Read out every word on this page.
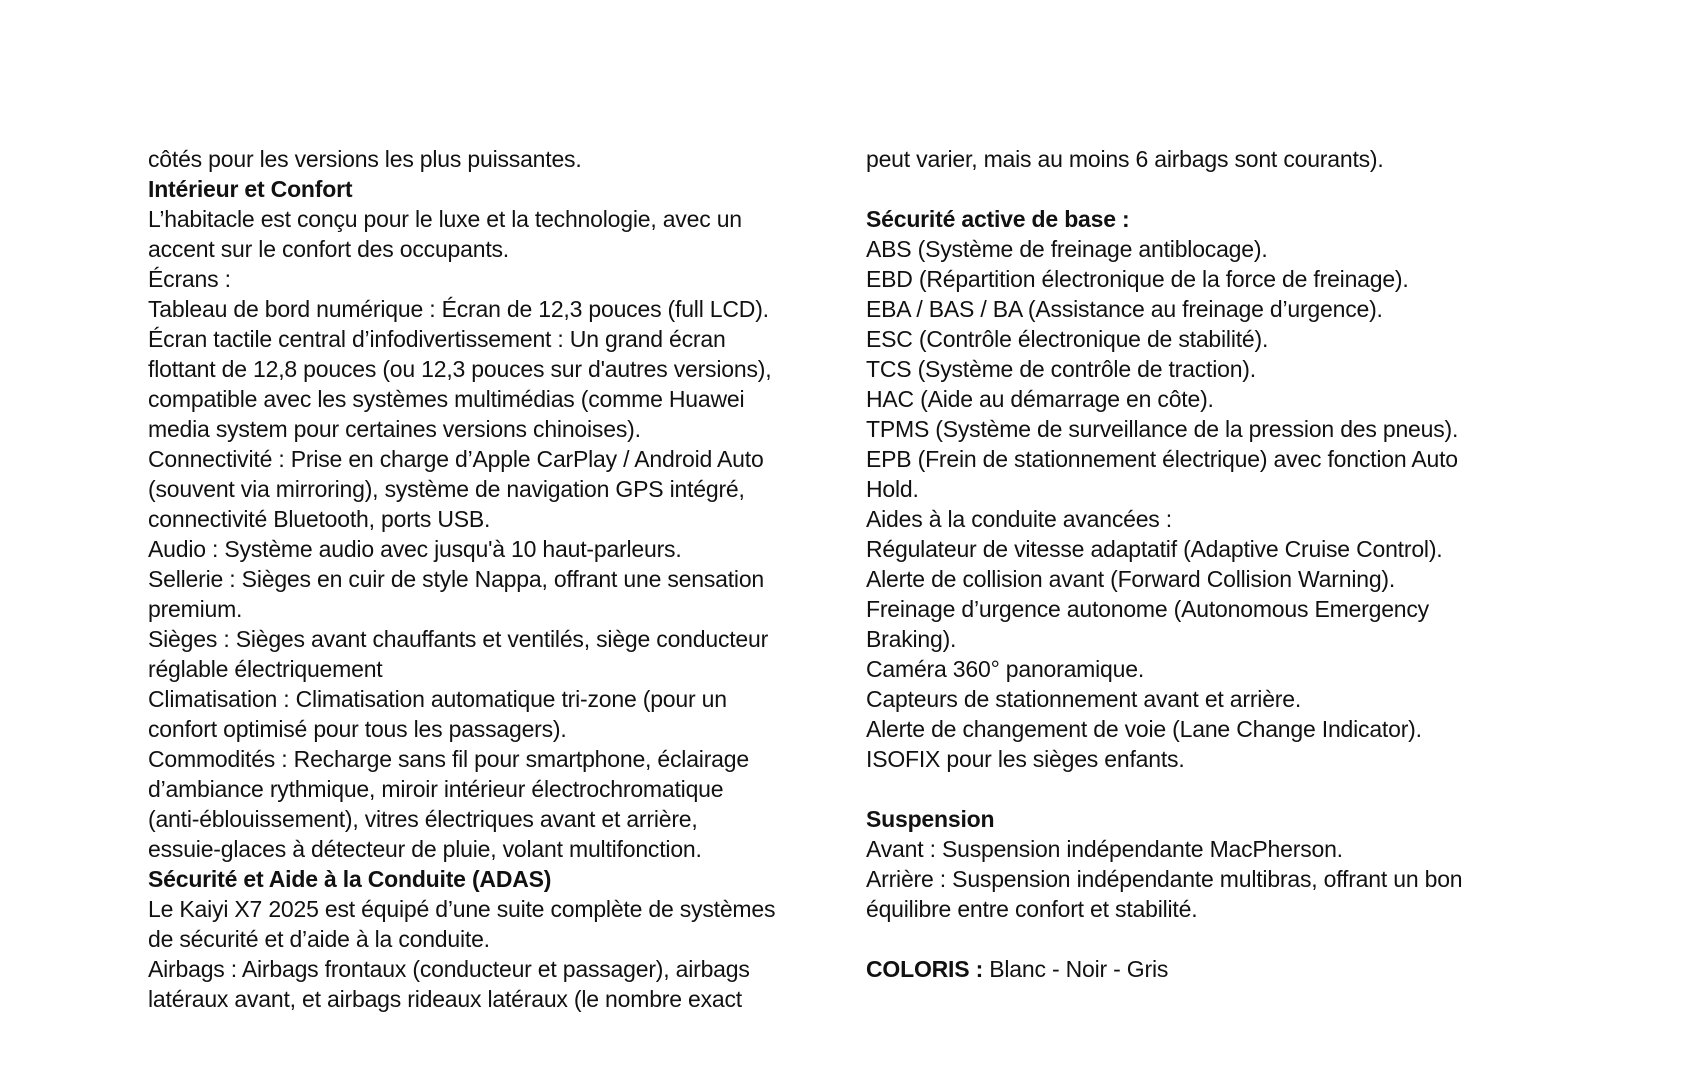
côtés pour les versions les plus puissantes.
Intérieur et Confort
L’habitacle est conçu pour le luxe et la technologie, avec un
accent sur le confort des occupants.
Écrans :
Tableau de bord numérique : Écran de 12,3 pouces (full LCD).
Écran tactile central d’infodivertissement : Un grand écran
flottant de 12,8 pouces (ou 12,3 pouces sur d'autres versions),
compatible avec les systèmes multimédias (comme Huawei
media system pour certaines versions chinoises).
Connectivité : Prise en charge d’Apple CarPlay / Android Auto
(souvent via mirroring), système de navigation GPS intégré,
connectivité Bluetooth, ports USB.
Audio : Système audio avec jusqu'à 10 haut-parleurs.
Sellerie : Sièges en cuir de style Nappa, offrant une sensation
premium.
Sièges : Sièges avant chauffants et ventilés, siège conducteur
réglable électriquement
Climatisation : Climatisation automatique tri-zone (pour un
confort optimisé pour tous les passagers).
Commodités : Recharge sans fil pour smartphone, éclairage
d’ambiance rythmique, miroir intérieur électrochromatique
(anti-éblouissement), vitres électriques avant et arrière,
essuie-glaces à détecteur de pluie, volant multifonction.
Sécurité et Aide à la Conduite (ADAS)
Le Kaiyi X7 2025 est équipé d’une suite complète de systèmes
de sécurité et d’aide à la conduite.
Airbags : Airbags frontaux (conducteur et passager), airbags
latéraux avant, et airbags rideaux latéraux (le nombre exact
peut varier, mais au moins 6 airbags sont courants).
Sécurité active de base :
ABS (Système de freinage antiblocage).
EBD (Répartition électronique de la force de freinage).
EBA / BAS / BA (Assistance au freinage d’urgence).
ESC (Contrôle électronique de stabilité).
TCS (Système de contrôle de traction).
HAC (Aide au démarrage en côte).
TPMS (Système de surveillance de la pression des pneus).
EPB (Frein de stationnement électrique) avec fonction Auto
Hold.
Aides à la conduite avancées :
Régulateur de vitesse adaptatif (Adaptive Cruise Control).
Alerte de collision avant (Forward Collision Warning).
Freinage d’urgence autonome (Autonomous Emergency
Braking).
Caméra 360° panoramique.
Capteurs de stationnement avant et arrière.
Alerte de changement de voie (Lane Change Indicator).
ISOFIX pour les sièges enfants.
Suspension
Avant : Suspension indépendante MacPherson.
Arrière : Suspension indépendante multibras, offrant un bon
équilibre entre confort et stabilité.
COLORIS : Blanc - Noir - Gris
